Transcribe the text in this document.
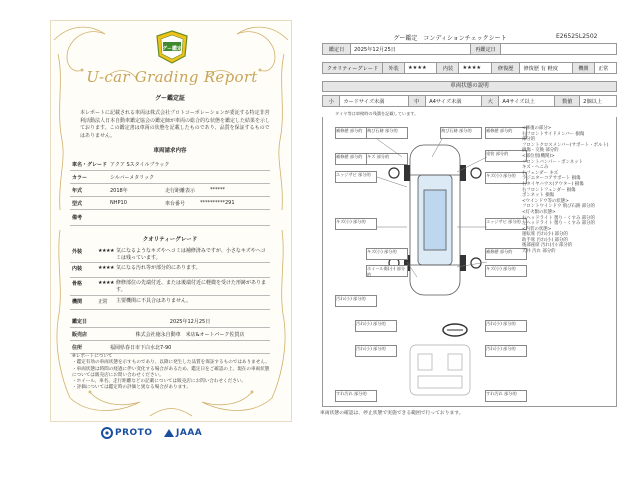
グー鑑定
U-car Grading Report
グー鑑定証
本レポートに記載される車両は株式会社プロトコーポレーションが委託する特定非営利活動法人日本自動車鑑定協会の鑑定師が車両の総合的な状態を鑑定した結果を示しております。この鑑定書は車両の状態を記載したものであり、品質を保証するものではありません。
車両請求内容
車名・グレード アクア Sスタイルブラック
カラー	シルバーメタリック
年式	2018年	走行距離表示	******
型式	NHP10	車台番号	**********291
備考
クオリティーグレード
外装	★★★★ 気になるようなキズやヘコミは補修済みですが、小さなキズやヘコミは残っています。
内装	★★★★ 気になる汚れ等が部分的にあります。
骨格	★★★★ 修修部位の先端付近、または後端付近に軽微を受けた形跡があります。
機関	正常	主要機関に不具合はありません。
鑑定日	2025年12月25日
販売店	株式会社徳永自動車　米店&オートパーク佐賀店
住所	福岡県春日市下白水北7-90
※レポートについて
・鑑定有効の車両状態を示すものであり、以降に発生した品質を保証するものではありません。
・車両状態は時間の経過に伴い変化する場合があるため、鑑定日をご確認の上、現在の車両状態については販売店にお問い合わせください。
・ホイール、車名、走行距離などの記載については販売店にお問い合わせください。
・評価については鑑定時の評価と異なる場合があります。
PROTO	JAAA
グー鑑定　コンディションチェックシート	E26525L2502
鑑定日	2025年12月25日	再鑑定日	
クオリティーグレード	外装	★★★★	内装	★★★★	修復歴	修復歴 有 軽度	機関	正常
車両状態の説明
小	カードサイズ未満	中	A4サイズ未満	大	A4サイズ以上	数値	2個以上
タイヤ等は車検時の残溝を記載しています。
補修歴 部分的
補修歴 部分的
エッジサビ 部分的
キズ(小) 部分的
汚れ(小) 部分的
飛び石跡 部分的
キズ 部分的
飛び石跡 部分的
キズ(小) 部分的
ホイール傷(小) 部分的
補修歴 部分的
塗装 部分的
キズ(小) 部分的
エッジサビ 部分的
補修歴 部分的
キズ(小) 部分的
汚れ(小) 部分的
汚れ(小) 部分的
すれ汚れ 部分的
汚れ(小) 部分的
汚れ(小) 部分的
すれ汚れ 部分的
<修復の部分>
右フロントサイドメンバー 損傷
部分的
フロントクロスメンバー(サポート・ボルト) 損傷・交換 部分的
<部位別(機関)>
フロントバンパー・ボンネット
キズ・へこみ
右フェンダー キズ
ラジエターコアサポート 損傷
右タイヤハウス(アウター) 損傷
右フロントフェンダー 損傷
ボンネット 損傷
<ウインドウ等の状態>
フロントウインドウ 飛び石跡 部分的
<灯火類の状態>
右ヘッドライト 曇り・くすみ 部分的
左ヘッドライト 曇り・くすみ 部分的
<内装の状態>
運転席 汚れ(小) 部分的
助手席 汚れ(小) 部分的
後部座席 汚れ(小) 部分的
天井 汚れ 部分的
車両状態の確認は、停止状態で実施できる範囲で行っております。
